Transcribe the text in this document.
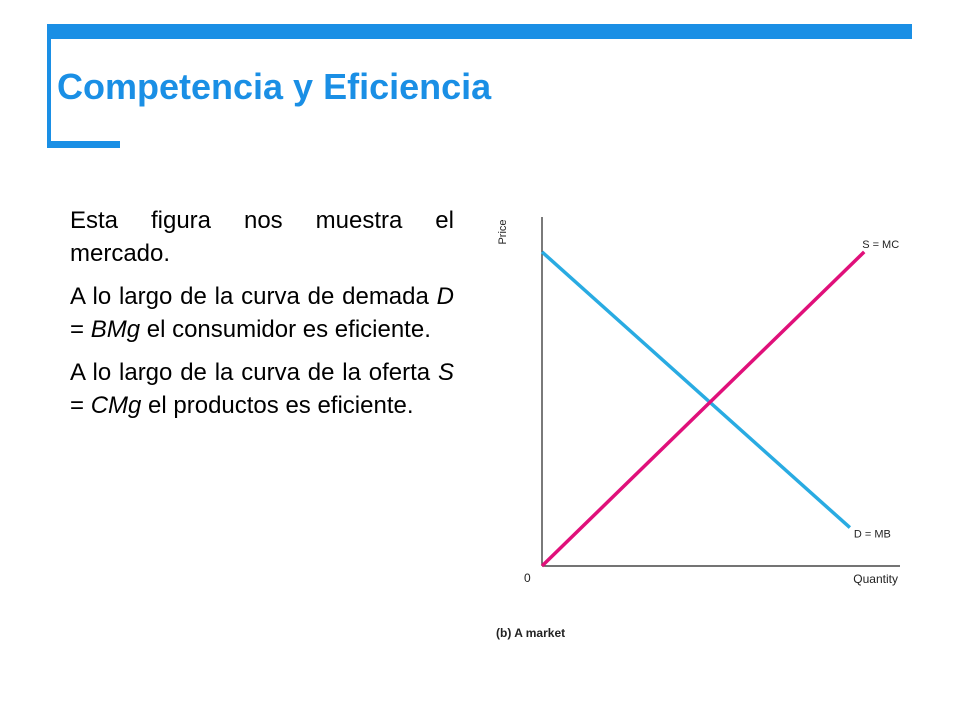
Competencia y Eficiencia

Esta figura nos muestra el mercado.

A lo largo de la curva de demada D = BMg el consumidor es eficiente.

A lo largo de la curva de la oferta S = CMg el productos es eficiente.

D = MB
S = MC
Price
Quantity
0
(b) A market
